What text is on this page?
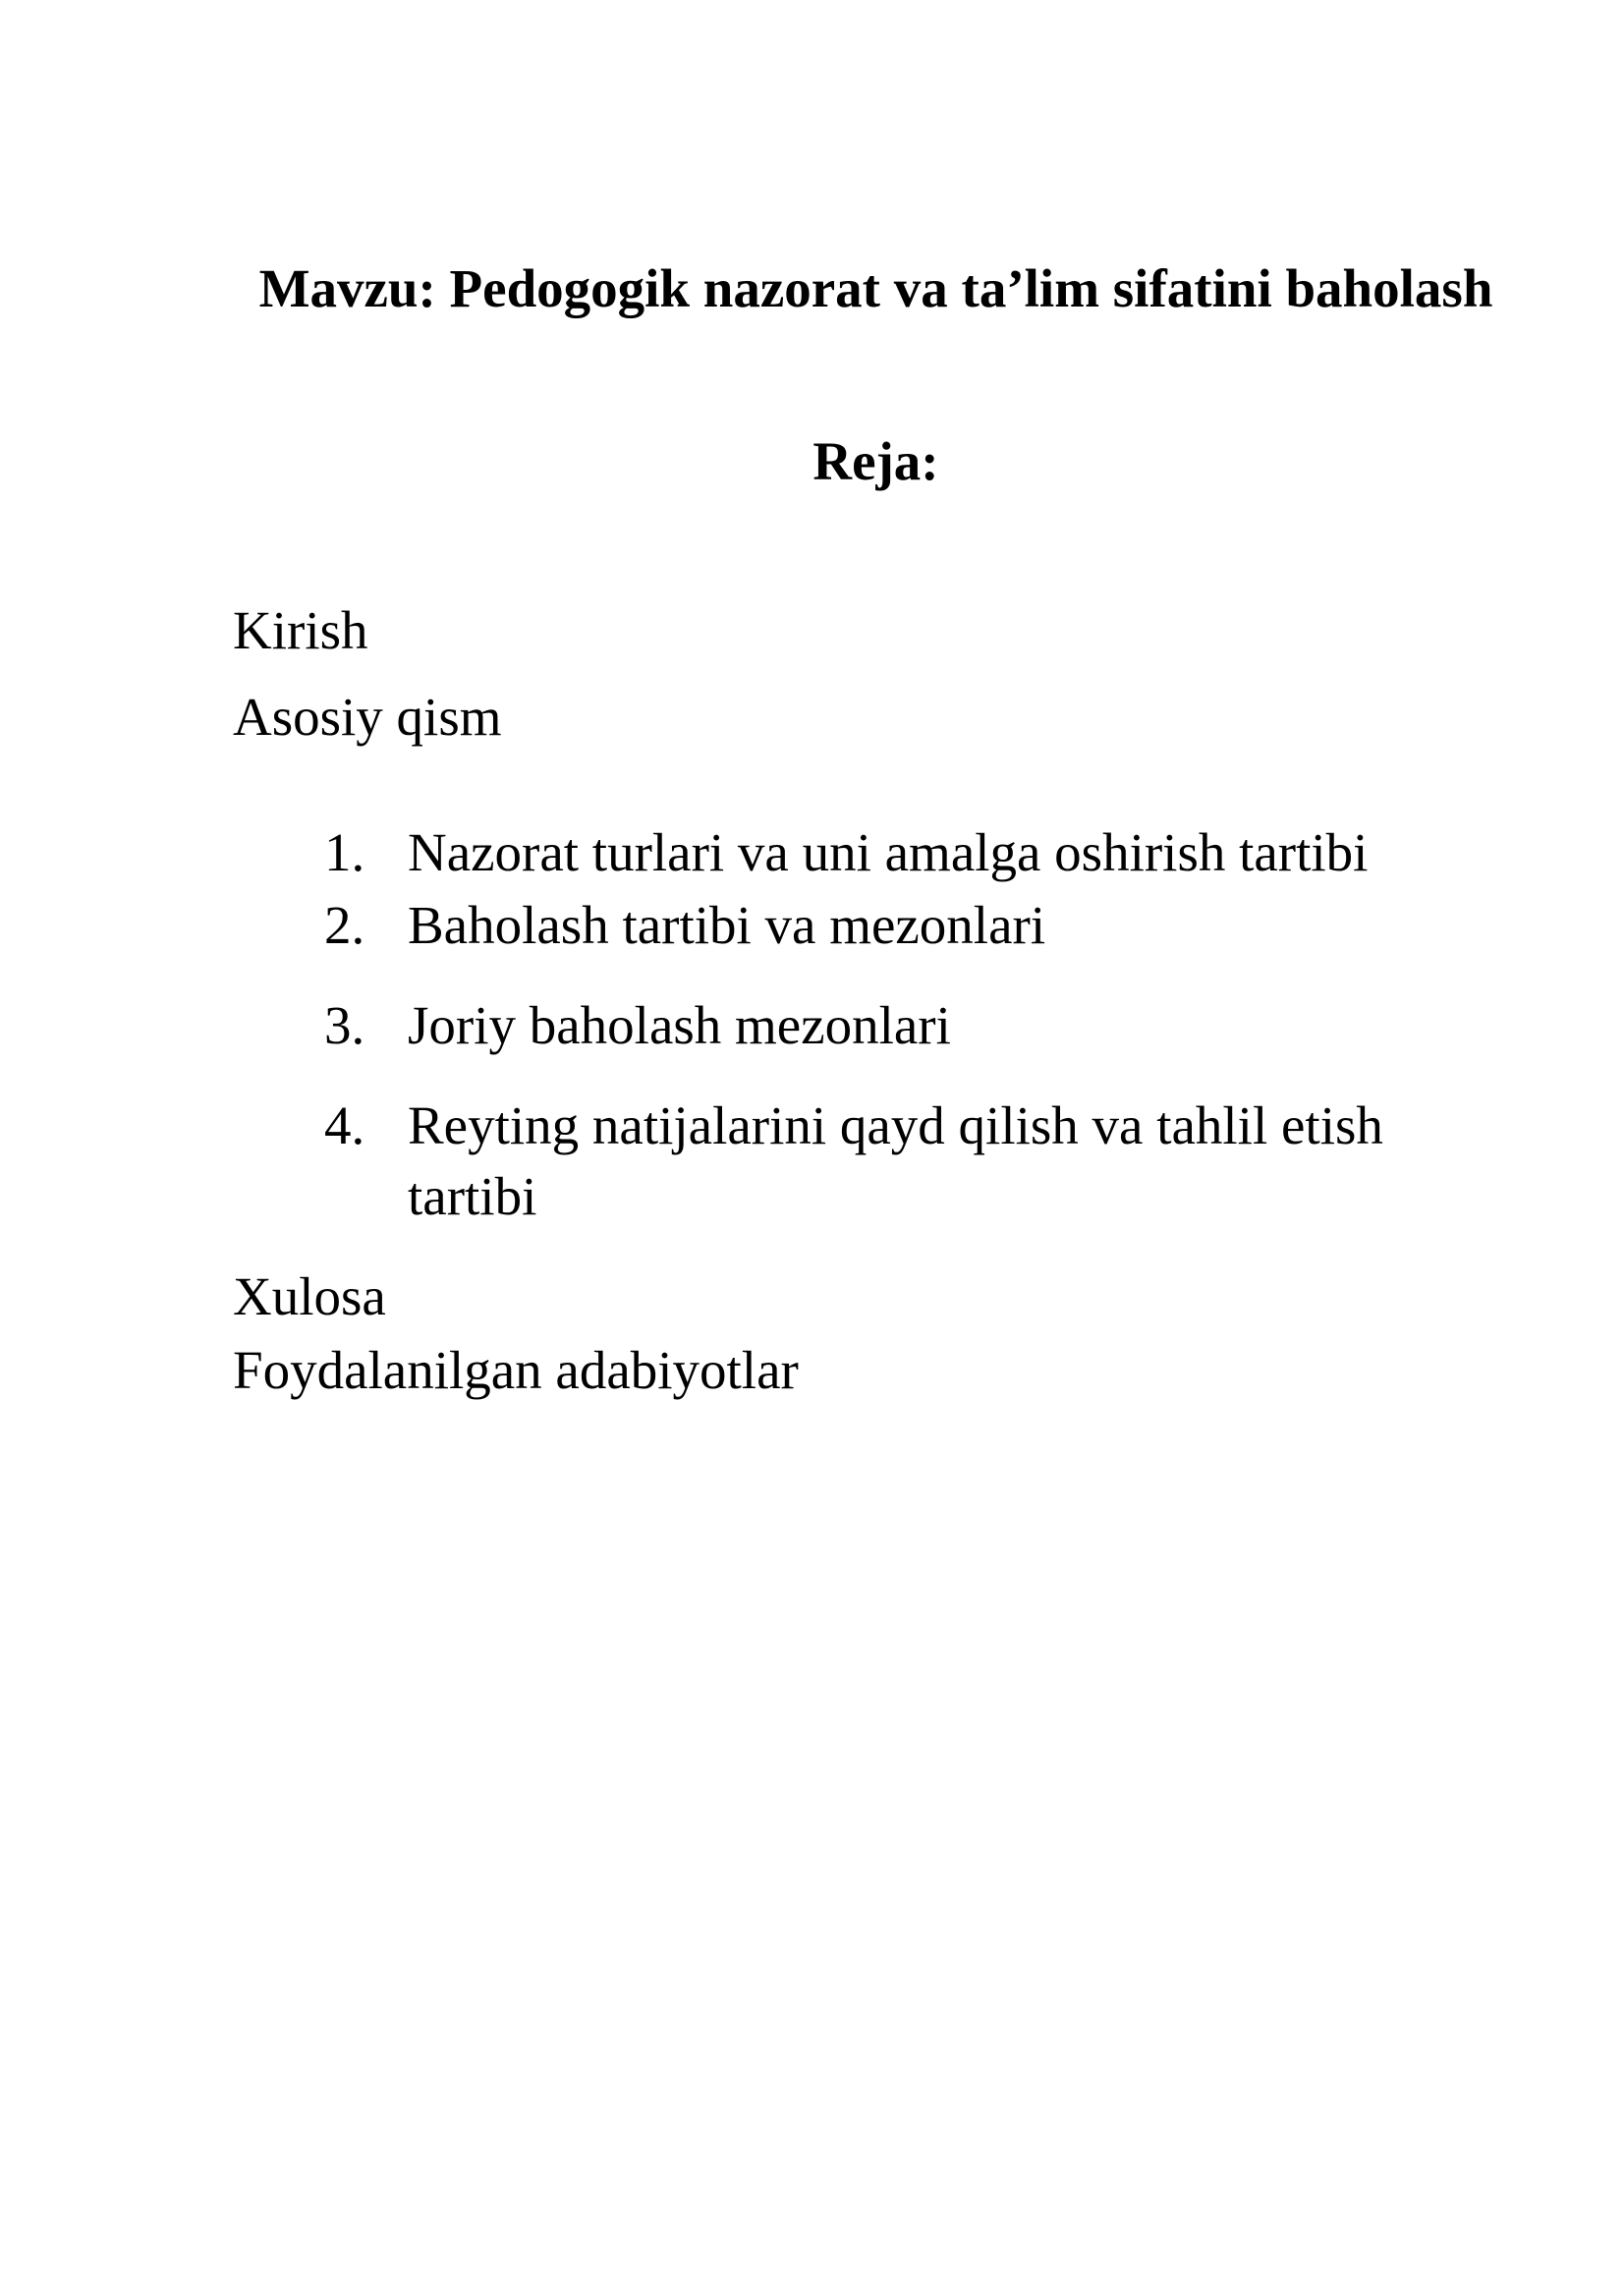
Mavzu: Pedogogik nazorat va ta’lim sifatini baholash
Reja:
Kirish
Asosiy qism
1. Nazorat turlari va uni amalga oshirish tartibi
2. Baholash tartibi va mezonlari
3. Joriy baholash mezonlari
4. Reyting natijalarini qayd qilish va tahlil etish tartibi
Xulosa
Foydalanilgan adabiyotlar
